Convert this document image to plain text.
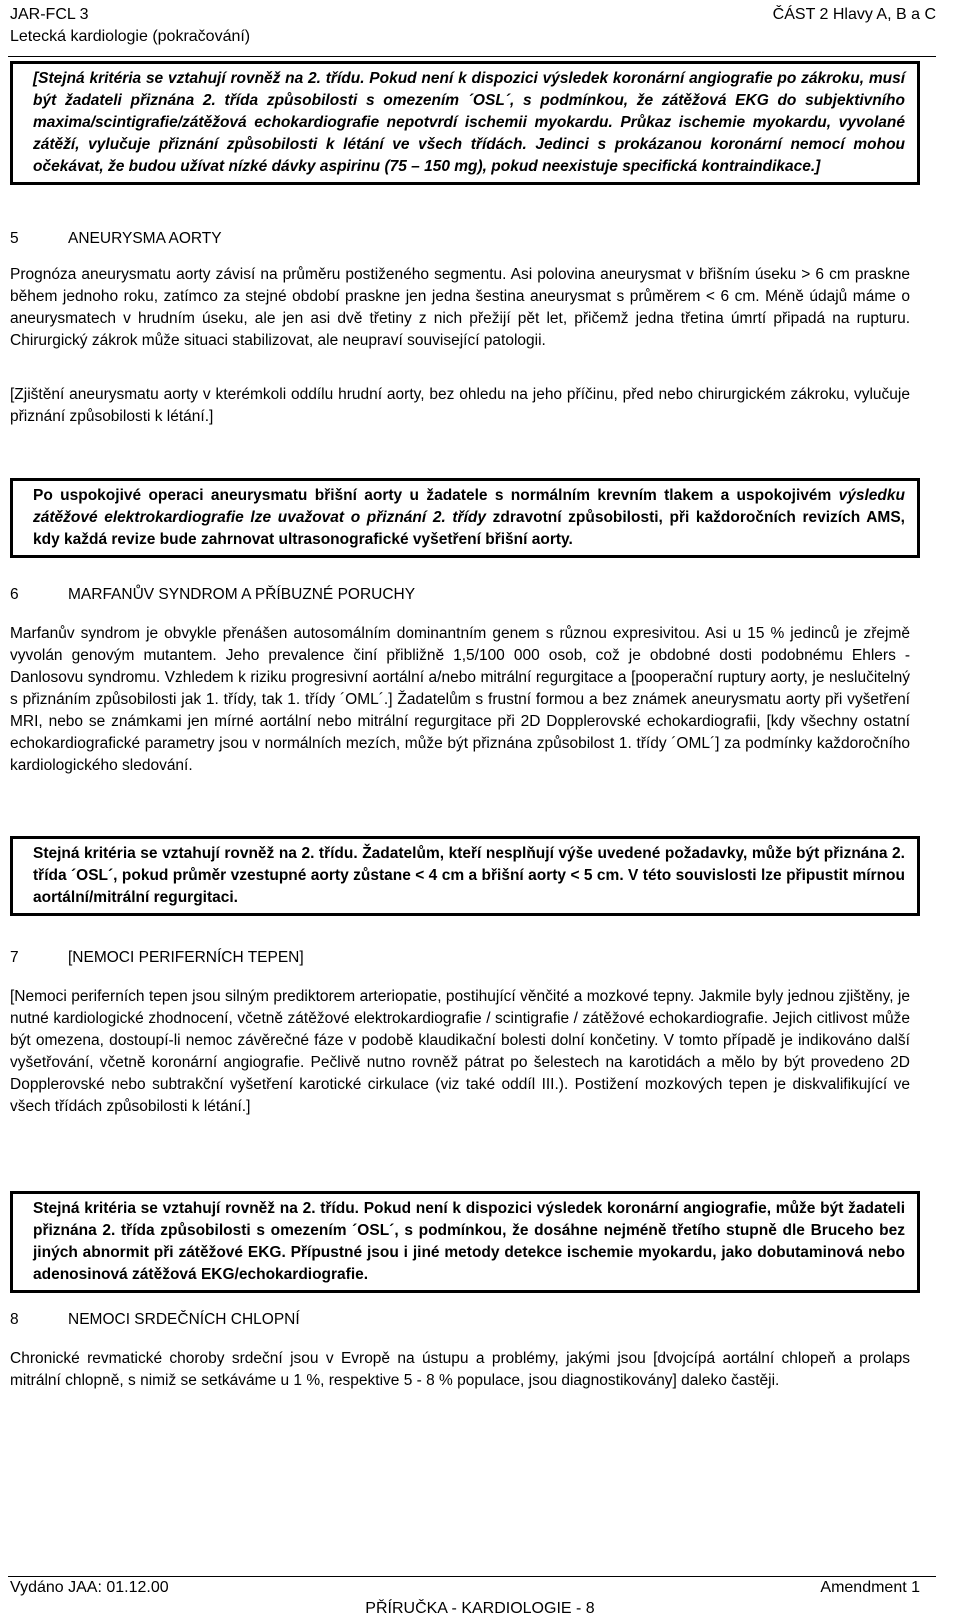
JAR-FCL 3
Letecká kardiologie (pokračování)
ČÁST 2 Hlavy A, B a C
[Stejná kritéria se vztahují rovněž na 2. třídu. Pokud není k dispozici výsledek koronární angiografie po zákroku, musí být žadateli přiznána 2. třída způsobilosti s omezením ´OSL´, s podmínkou, že zátěžová EKG do subjektivního maxima/scintigrafie/zátěžová echokardiografie nepotvrdí ischemii myokardu. Průkaz ischemie myokardu, vyvolané zátěží, vylučuje přiznání způsobilosti k létání ve všech třídách. Jedinci s prokázanou koronární nemocí mohou očekávat, že budou užívat nízké dávky aspirinu (75 – 150 mg), pokud neexistuje specifická kontraindikace.]
5	ANEURYSMA AORTY
Prognóza aneurysmatu aorty závisí na průměru postiženého segmentu. Asi polovina aneurysmat v břišním úseku > 6 cm praskne během jednoho roku, zatímco za stejné období praskne jen jedna šestina aneurysmat s průměrem < 6 cm. Méně údajů máme o aneurysmatech v hrudním úseku, ale jen asi dvě třetiny z nich přežijí pět let, přičemž jedna třetina úmrtí připadá na rupturu. Chirurgický zákrok může situaci stabilizovat, ale neupraví související patologii.
[Zjištění aneurysmatu aorty v kterémkoli oddílu hrudní aorty, bez ohledu na jeho příčinu, před nebo chirurgickém zákroku, vylučuje přiznání způsobilosti k létání.]
Po uspokojivé operaci aneurysmatu břišní aorty u žadatele s normálním krevním tlakem a uspokojivém výsledku zátěžové elektrokardiografie lze uvažovat o přiznání 2. třídy zdravotní způsobilosti, při každoročních revizích AMS, kdy každá revize bude zahrnovat ultrasonografické vyšetření břišní aorty.
6	MARFANŮV SYNDROM A PŘÍBUZNÉ PORUCHY
Marfanův syndrom je obvykle přenášen autosomálním dominantním genem s různou expresivitou. Asi u 15 % jedinců je zřejmě vyvolán genovým mutantem. Jeho prevalence činí přibližně 1,5/100 000 osob, což je obdobné dosti podobnému Ehlers - Danlosovu syndromu. Vzhledem k riziku progresivní aortální a/nebo mitrální regurgitace a [pooperační ruptury aorty, je neslučitelný s přiznáním způsobilosti jak 1. třídy, tak 1. třídy ´OML´.] Žadatelům s frustní formou a bez známek aneurysmatu aorty při vyšetření MRI, nebo se známkami jen mírné aortální nebo mitrální regurgitace při 2D Dopplerovské echokardiografii, [kdy všechny ostatní echokardiografické parametry jsou v normálních mezích, může být přiznána způsobilost 1. třídy ´OML´] za podmínky každoročního kardiologického sledování.
Stejná kritéria se vztahují rovněž na 2. třídu. Žadatelům, kteří nesplňují výše uvedené požadavky, může být přiznána 2. třída ´OSL´, pokud průměr vzestupné aorty zůstane < 4 cm a břišní aorty < 5 cm. V této souvislosti lze připustit mírnou aortální/mitrální regurgitaci.
7	[NEMOCI PERIFERNÍCH TEPEN]
[Nemoci periferních tepen jsou silným prediktorem arteriopatie, postihující věnčité a mozkové tepny. Jakmile byly jednou zjištěny, je nutné kardiologické zhodnocení, včetně zátěžové elektrokardiografie / scintigrafie / zátěžové echokardiografie. Jejich citlivost může být omezena, dostoupí-li nemoc závěrečné fáze v podobě klaudikační bolesti dolní končetiny. V tomto případě je indikováno další vyšetřování, včetně koronární angiografie. Pečlivě nutno rovněž pátrat po šelestech na karotidách a mělo by být provedeno 2D Dopplerovské nebo subtrakční vyšetření karotické cirkulace (viz také oddíl III.). Postižení mozkových tepen je diskvalifikující ve všech třídách způsobilosti k létání.]
Stejná kritéria se vztahují rovněž na 2. třídu. Pokud není k dispozici výsledek koronární angiografie, může být žadateli přiznána 2. třída způsobilosti s omezením ´OSL´, s podmínkou, že dosáhne nejméně třetího stupně dle Bruceho bez jiných abnormit při zátěžové EKG. Přípustné jsou i jiné metody detekce ischemie myokardu, jako dobutaminová nebo adenosinová zátěžová EKG/echokardiografie.
8	NEMOCI SRDEČNÍCH CHLOPNÍ
Chronické revmatické choroby srdeční jsou v Evropě na ústupu a problémy, jakými jsou [dvojcípá aortální chlopeň a prolaps mitrální chlopně, s nimiž se setkáváme u 1 %, respektive 5 - 8 % populace, jsou diagnostikovány] daleko častěji.
Vydáno JAA: 01.12.00	Amendment 1
PŘÍRUČKA - KARDIOLOGIE - 8
